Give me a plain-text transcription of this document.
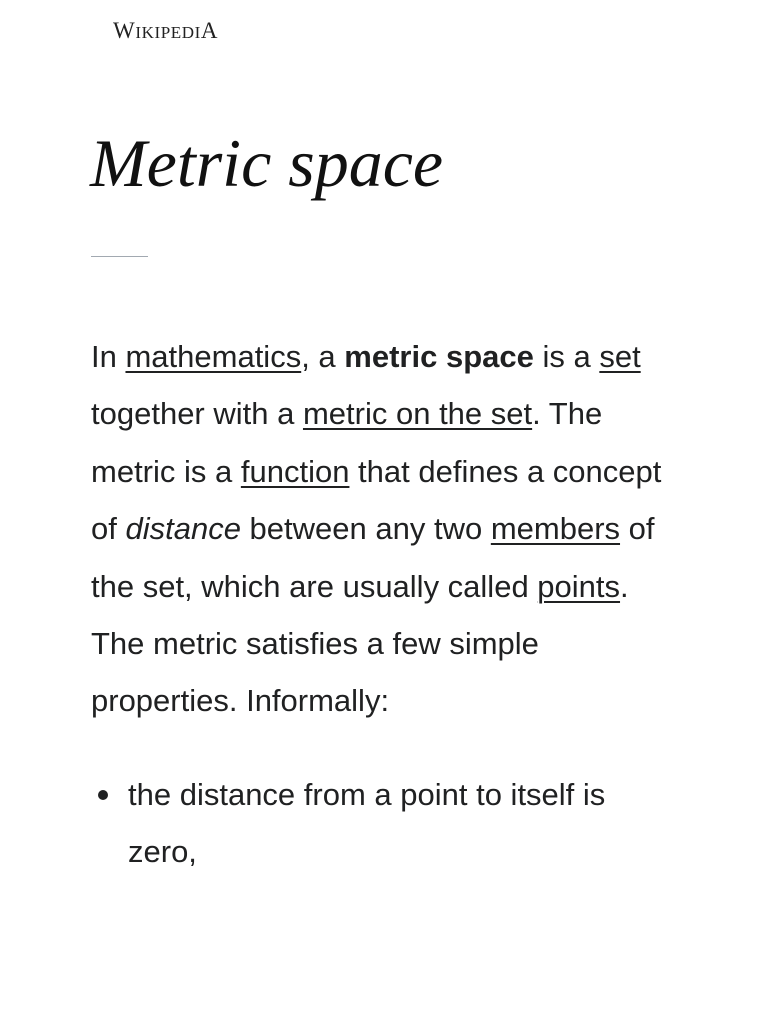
WIKIPEDIA
Metric space

In mathematics, a metric space is a set together with a metric on the set. The metric is a function that defines a concept of distance between any two members of the set, which are usually called points. The metric satisfies a few simple properties. Informally:

the distance from a point to itself is zero,
